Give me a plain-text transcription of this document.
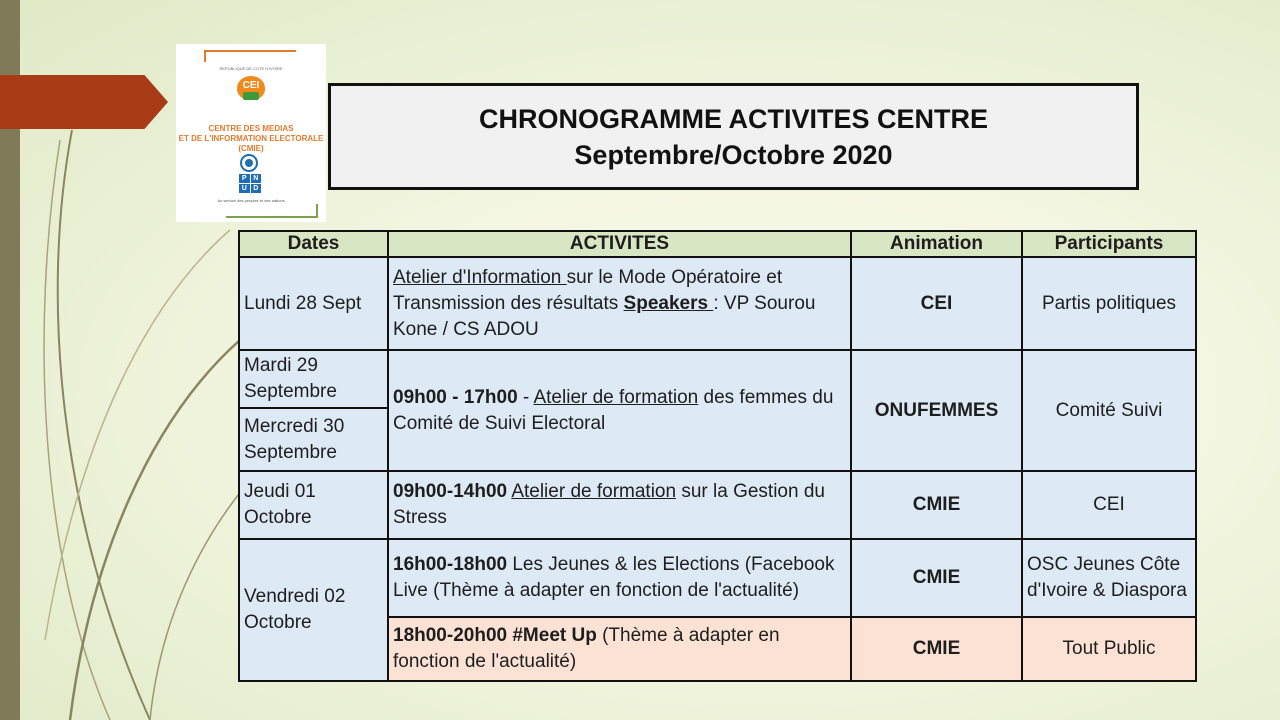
REPUBLIQUE DE COTE D'IVOIRE
CEI
CENTRE DES MEDIAS
ET DE L'INFORMATION ELECTORALE
(CMIE)
P N
U D
Au service des peuples et des nations
CHRONOGRAMME ACTIVITES CENTRE
Septembre/Octobre 2020
Dates	ACTIVITES	Animation	Participants
Lundi 28 Sept	Atelier d'Information sur le Mode Opératoire et Transmission des résultats Speakers : VP Sourou Kone / CS ADOU	CEI	Partis politiques
Mardi 29 Septembre	09h00 - 17h00 - Atelier de formation des femmes du Comité de Suivi Electoral	ONUFEMMES	Comité Suivi
Mercredi 30 Septembre			
Jeudi 01 Octobre	09h00-14h00 Atelier de formation sur la Gestion du Stress	CMIE	CEI
Vendredi 02 Octobre	16h00-18h00 Les Jeunes & les Elections (Facebook Live (Thème à adapter en fonction de l'actualité)	CMIE	OSC Jeunes Côte d'Ivoire & Diaspora
	18h00-20h00 #Meet Up (Thème à adapter en fonction de l'actualité)	CMIE	Tout Public
